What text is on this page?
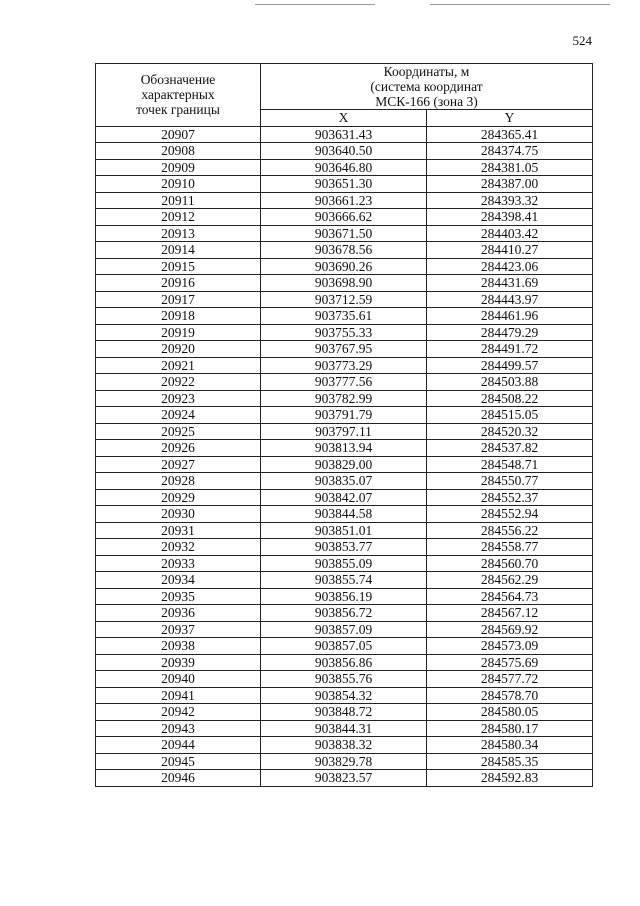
524
Обозначение
характерных
точек границы	Координаты, м
(система координат
МСК-166 (зона 3)	
	X	Y
20907	903631.43	284365.41
20908	903640.50	284374.75
20909	903646.80	284381.05
20910	903651.30	284387.00
20911	903661.23	284393.32
20912	903666.62	284398.41
20913	903671.50	284403.42
20914	903678.56	284410.27
20915	903690.26	284423.06
20916	903698.90	284431.69
20917	903712.59	284443.97
20918	903735.61	284461.96
20919	903755.33	284479.29
20920	903767.95	284491.72
20921	903773.29	284499.57
20922	903777.56	284503.88
20923	903782.99	284508.22
20924	903791.79	284515.05
20925	903797.11	284520.32
20926	903813.94	284537.82
20927	903829.00	284548.71
20928	903835.07	284550.77
20929	903842.07	284552.37
20930	903844.58	284552.94
20931	903851.01	284556.22
20932	903853.77	284558.77
20933	903855.09	284560.70
20934	903855.74	284562.29
20935	903856.19	284564.73
20936	903856.72	284567.12
20937	903857.09	284569.92
20938	903857.05	284573.09
20939	903856.86	284575.69
20940	903855.76	284577.72
20941	903854.32	284578.70
20942	903848.72	284580.05
20943	903844.31	284580.17
20944	903838.32	284580.34
20945	903829.78	284585.35
20946	903823.57	284592.83
